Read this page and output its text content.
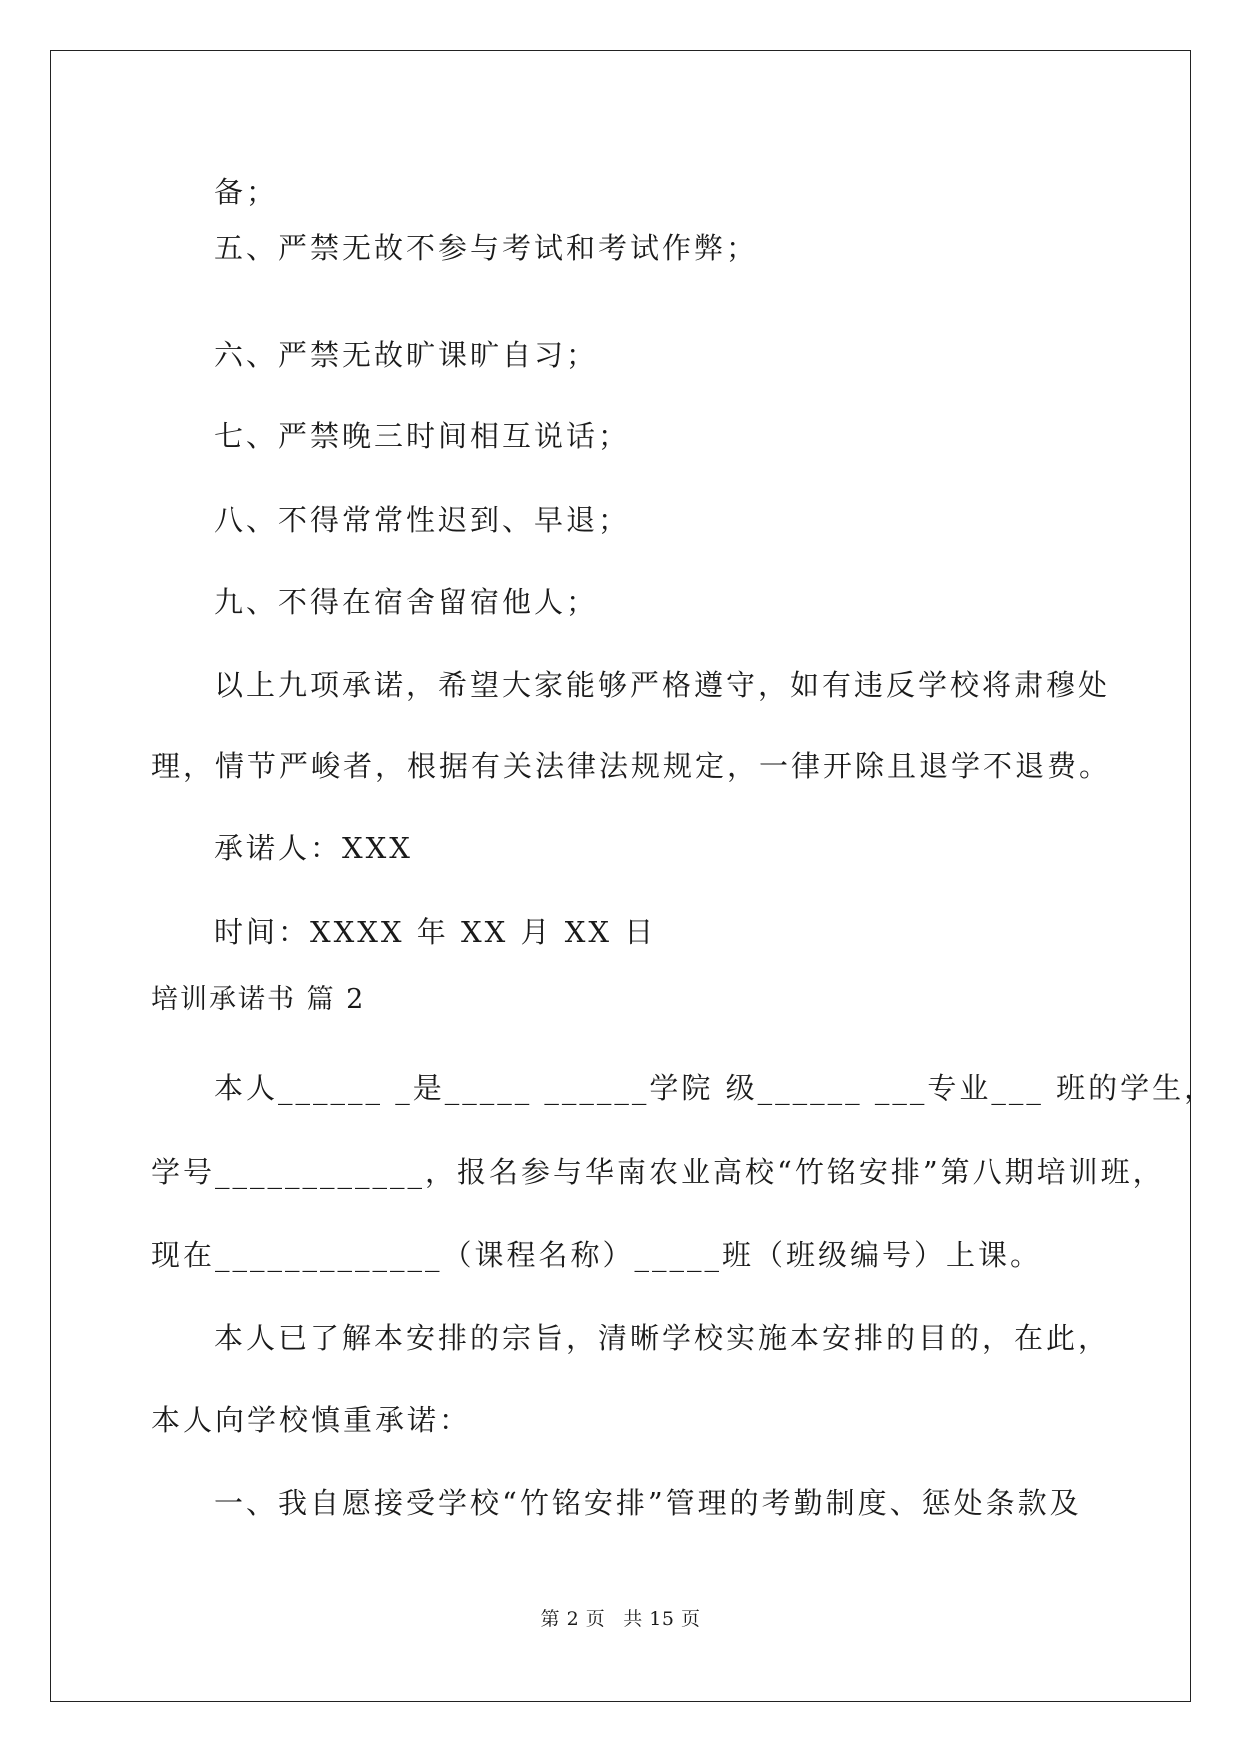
备；
五、严禁无故不参与考试和考试作弊；
六、严禁无故旷课旷自习；
七、严禁晚三时间相互说话；
八、不得常常性迟到、早退；
九、不得在宿舍留宿他人；
以上九项承诺，希望大家能够严格遵守，如有违反学校将肃穆处
理，情节严峻者，根据有关法律法规规定，一律开除且退学不退费。
承诺人：XXX
时间：XXXX 年 XX 月 XX 日
培训承诺书 篇 2
本人______ _是_____ ______学院 级______ ___专业___ 班的学生，
学号____________，报名参与华南农业高校“竹铭安排”第八期培训班，
现在_____________（课程名称）_____班（班级编号）上课。
本人已了解本安排的宗旨，清晰学校实施本安排的目的，在此，
本人向学校慎重承诺：
一、我自愿接受学校“竹铭安排”管理的考勤制度、惩处条款及
第 2 页 共 15 页
